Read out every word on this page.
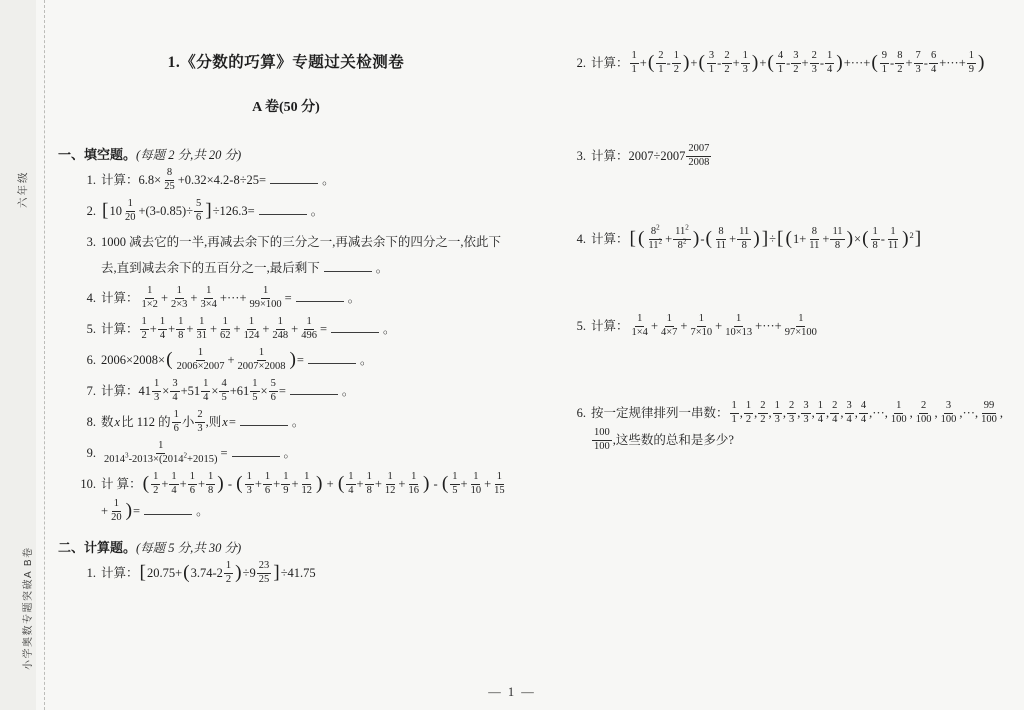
六年级
小学奥数专题突破A B卷
1.《分数的巧算》专题过关检测卷
A 卷(50 分)
一、填空题。(每题 2 分,共 20 分)
1. 计算：$6.8\times \frac{8}{25} +0.32\times 4.2-8\div 25=$	。
2. $[10 \frac{1}{20} +(3-0.85)\div \frac{5}{6} ]\div 126.3=$	。
3. 1000 减去它的一半,再减去余下的三分之一,再减去余下的四分之一,依此下去,直到减去余下的五百分之一,最后剩下	。
4. 计算： $\frac{1}{1\times 2} + \frac{1}{2\times 3} + \frac{1}{3\times 4}$ +···+ $\frac{1}{99\times 100}$ =	。
5. 计算： $\frac{1}{2} + \frac{1}{4} + \frac{1}{8} + \frac{1}{31} + \frac{1}{62} + \frac{1}{124} + \frac{1}{248} + \frac{1}{496}$ =	。
6. $2006\times 2008\times( \frac{1}{2006\times 2007} + \frac{1}{2007\times 2008}$ )=	。
7. 计算：$41 \frac{1}{3} \times \frac{3}{4} +51 \frac{1}{4} \times \frac{4}{5} +61 \frac{1}{5} \times \frac{5}{6}$ =	。
8. 数x比 112 的 $\frac{1}{6}$ 小 $\frac{2}{3}$ ,则x=	。
9. $\frac{1}{2014^3-2013\times(2014^2+2015)}$ =	。
10. 计 算：( $\frac{1}{2} + \frac{1}{4} + \frac{1}{6} + \frac{1}{8}$ ) - ( $\frac{1}{3} + \frac{1}{6} + \frac{1}{9} + \frac{1}{12}$ ) + ( $\frac{1}{4} + \frac{1}{8} + \frac{1}{12} + \frac{1}{16}$ ) - ( $\frac{1}{5} + \frac{1}{10} + \frac{1}{15}$
+ $\frac{1}{20}$ )=	。
二、计算题。(每题 5 分,共 30 分)
1. 计算：$[20.75+(3.74-2 \frac{1}{2} )\div 9 \frac{23}{25} ]\div 41.75$
2. 计算： $\frac{1}{1}$ +( $\frac{2}{1} - \frac{1}{2}$ )+( $\frac{3}{1} - \frac{2}{2} + \frac{1}{3}$ )+( $\frac{4}{1} - \frac{3}{2} + \frac{2}{3} - \frac{1}{4}$ )+···+( $\frac{9}{1} - \frac{8}{2} + \frac{7}{3} - \frac{6}{4}$ +···+ $\frac{1}{9}$ )
3. 计算：$2007\div 2007 \frac{2007}{2008}$
4. 计算：[ ( $\frac{8^2}{11^2} + \frac{11^2}{8^2}$ )-( $\frac{8}{11} + \frac{11}{8}$ ) ]÷[ ($1+ \frac{8}{11} + \frac{11}{8}$ )×( $\frac{1}{8} - \frac{1}{11} )^2$]
5. 计算： $\frac{1}{1\times 4} + \frac{1}{4\times 7} + \frac{1}{7\times 10} + \frac{1}{10\times 13}$ +···+ $\frac{1}{97\times 100}$
6. 按一定规律排列一串数： $\frac{1}{1}$ , $\frac{1}{2}$ , $\frac{2}{2}$ , $\frac{1}{3}$ , $\frac{2}{3}$ , $\frac{3}{3}$ , $\frac{1}{4}$ , $\frac{2}{4}$ , $\frac{3}{4}$ , $\frac{4}{4}$ ,···, $\frac{1}{100}$ , $\frac{2}{100}$ , $\frac{3}{100}$ ,···, $\frac{99}{100}$ ,
$\frac{100}{100}$ ,这些数的总和是多少?
— 1 —
